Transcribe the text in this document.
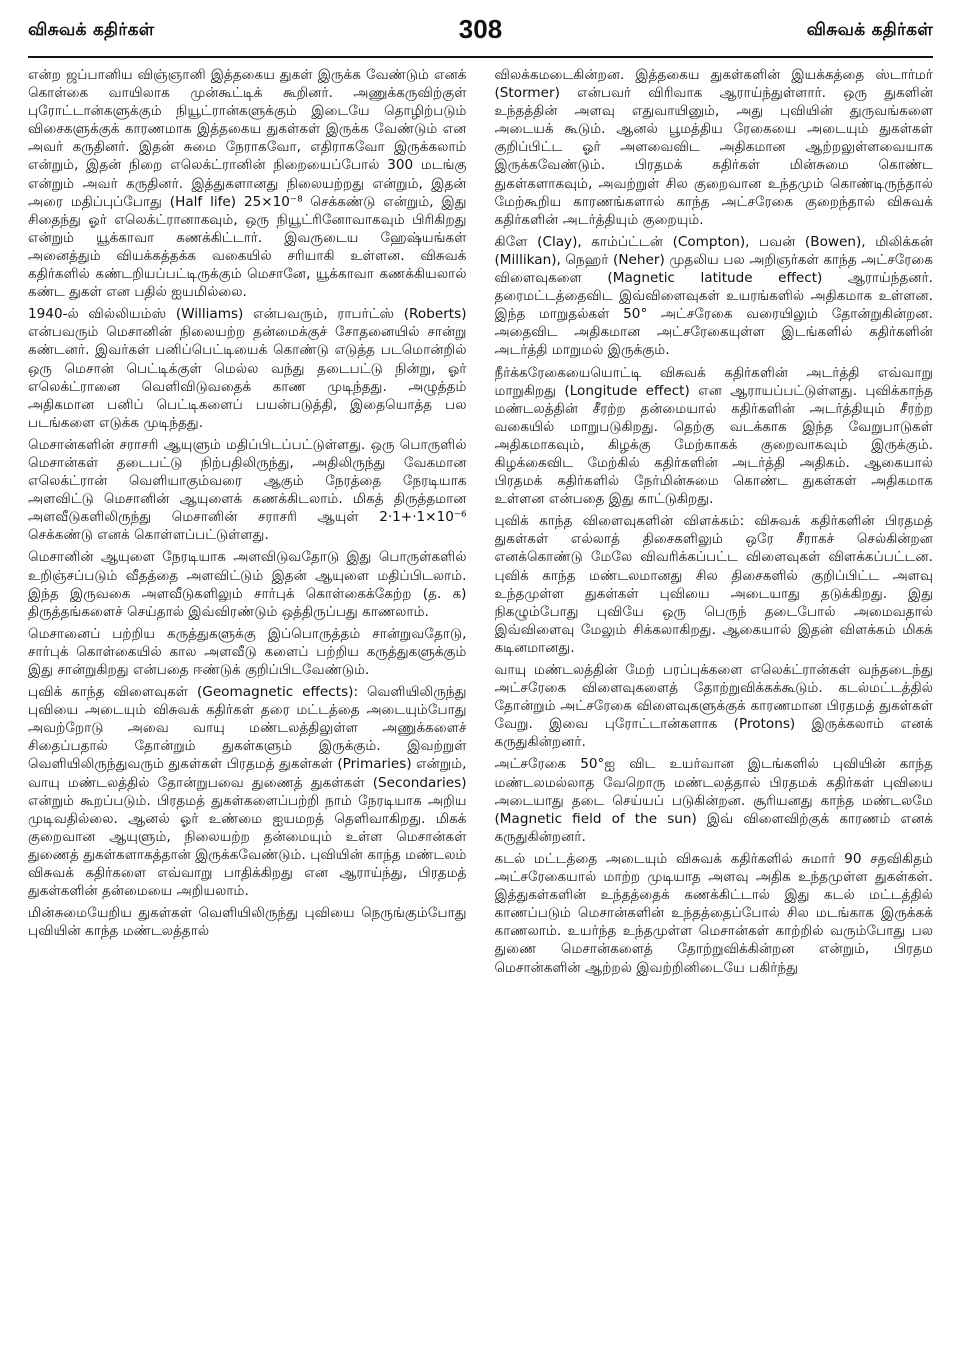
விசுவக் கதிர்கள்	308	விசுவக் கதிர்கள்

என்ற ஜப்பானிய விஞ்ஞானி இத்தகைய துகள் இருக்க வேண்டும் எனக் கொள்கை வாயிலாக முன்கூட்டிக் கூறினர். அணுக்கருவிற்குள் புரோட்டான்களுக்கும் நியூட்ரான்களுக்கும் இடையே தொழிற்படும் விசைகளுக்குக் காரணமாக இத்தகைய துகள்கள் இருக்க வேண்டும் என அவர் கருதினர். இதன் சுமை நேராகவோ, எதிராகவோ இருக்கலாம் என்றும், இதன் நிறை எலெக்ட்ரானின் நிறையைப்போல் 300 மடங்கு என்றும் அவர் கருதினர். இத்துகளானது நிலையற்றது என்றும், இதன் அரை மதிப்புப்போது (Half life) 25×10⁻⁸ செக்கண்டு என்றும், இது சிதைந்து ஓர் எலெக்ட்ரானாகவும், ஒரு நியூட்ரினோவாகவும் பிரிகிறது என்றும் யூக்காவா கணக்கிட்டார். இவருடைய ஹேஷ்யங்கள் அனைத்தும் வியக்கத்தக்க வகையில் சரியாகி உள்ளன. விசுவக் கதிர்களில் கண்டறியப்பட்டிருக்கும் மெசானே, யூக்காவா கணக்கியலால் கண்ட துகள் என பதில் ஐயமில்லை.

1940-ல் வில்லியம்ஸ் (Williams) என்பவரும், ராபர்ட்ஸ் (Roberts) என்பவரும் மெசானின் நிலையற்ற தன்மைக்குச் சோதனையில் சான்று கண்டனர். இவர்கள் பனிப்பெட்டியைக் கொண்டு எடுத்த படமொன்றில் ஒரு மெசான் பெட்டிக்குள் மெல்ல வந்து தடைபட்டு நின்று, ஓர் எலெக்ட்ரானை வெளிவிடுவதைக் காண முடிந்தது. அழுத்தம் அதிகமான பனிப் பெட்டிகளைப் பயன்படுத்தி, இதையொத்த பல படங்களை எடுக்க முடிந்தது.

மெசான்களின் சராசரி ஆயுளும் மதிப்பிடப்பட்டுள்ளது. ஒரு பொருளில் மெசான்கள் தடைபட்டு நிற்பதிலிருந்து, அதிலிருந்து வேகமான எலெக்ட்ரான் வெளியாகும்வரை ஆகும் நேரத்தை நேரடியாக அளவிட்டு மெசானின் ஆயுளைக் கணக்கிடலாம். மிகத் திருத்தமான அளவீடுகளிலிருந்து மெசானின் சராசரி ஆயுள் 2·1+·1×10⁻⁶ செக்கண்டு எனக் கொள்ளப்பட்டுள்ளது.

மெசானின் ஆயுளை நேரடியாக அளவிடுவதோடு இது பொருள்களில் உறிஞ்சப்படும் வீதத்தை அளவிட்டும் இதன் ஆயுளை மதிப்பிடலாம். இந்த இருவகை அளவீடுகளிலும் சார்புக் கொள்கைக்கேற்ற (த. க) திருத்தங்களைச் செய்தால் இவ்விரண்டும் ஒத்திருப்பது காணலாம்.

மெசானைப் பற்றிய கருத்துகளுக்கு இப்பொருத்தம் சான்றுவதோடு, சார்புக் கொள்கையில் கால அளவீடு களைப் பற்றிய கருத்துகளுக்கும் இது சான்றுகிறது என்பதை ஈண்டுக் குறிப்பிடவேண்டும்.

புவிக் காந்த விளைவுகள் (Geomagnetic effects): வெளியிலிருந்து புவியை அடையும் விசுவக் கதிர்கள் தரை மட்டத்தை அடையும்போது அவற்றோடு அவை வாயு மண்டலத்திலுள்ள அணுக்களைச் சிதைப்பதால் தோன்றும் துகள்களும் இருக்கும். இவற்றுள் வெளியிலிருந்துவரும் துகள்கள் பிரதமத் துகள்கள் (Primaries) என்றும், வாயு மண்டலத்தில் தோன்றுபவை துணைத் துகள்கள் (Secondaries) என்றும் கூறப்படும். பிரதமத் துகள்களைப்பற்றி நாம் நேரடியாக அறிய முடிவதில்லை. ஆனல் ஓர் உண்மை ஐயமறத் தெளிவாகிறது. மிகக் குறைவான ஆயுளும், நிலையற்ற தன்மையும் உள்ள மெசான்கள் துணைத் துகள்களாகத்தான் இருக்கவேண்டும். புவியின் காந்த மண்டலம் விசுவக் கதிர்களை எவ்வாறு பாதிக்கிறது என ஆராய்ந்து, பிரதமத் துகள்களின் தன்மையை அறியலாம்.

மின்சுமையேறிய துகள்கள் வெளியிலிருந்து புவியை நெருங்கும்போது புவியின் காந்த மண்டலத்தால்

விலக்கமடைகின்றன. இத்தகைய துகள்களின் இயக்கத்தை ஸ்டார்மர் (Stormer) என்பவர் விரிவாக ஆராய்ந்துள்ளார். ஒரு துகளின் உந்தத்தின் அளவு எதுவாயினும், அது புவியின் துருவங்களை அடையக் கூடும். ஆனல் பூமத்திய ரேகையை அடையும் துகள்கள் குறிப்பிட்ட ஓர் அளவைவிட அதிகமான ஆற்றலுள்ளவையாக இருக்கவேண்டும். பிரதமக் கதிர்கள் மின்சுமை கொண்ட துகள்களாகவும், அவற்றுள் சில குறைவான உந்தமும் கொண்டிருந்தால் மேற்கூறிய காரணங்களால் காந்த அட்சரேகை குறைந்தால் விசுவக் கதிர்களின் அடர்த்தியும் குறையும்.

கிளே (Clay), காம்ப்ட்டன் (Compton), பவன் (Bowen), மிலிக்கன் (Millikan), நெஹர் (Neher) முதலிய பல அறிஞர்கள் காந்த அட்சரேகை விளைவுகளை (Magnetic latitude effect) ஆராய்ந்தனர். தரைமட்டத்தைவிட இவ்விளைவுகள் உயரங்களில் அதிகமாக உள்ளன. இந்த மாறுதல்கள் 50° அட்சரேகை வரையிலும் தோன்றுகின்றன. அதைவிட அதிகமான அட்சரேகையுள்ள இடங்களில் கதிர்களின் அடர்த்தி மாறுமல் இருக்கும்.

நீர்க்கரேகையையொட்டி விசுவக் கதிர்களின் அடர்த்தி எவ்வாறு மாறுகிறது (Longitude effect) என ஆராயப்பட்டுள்ளது. புவிக்காந்த மண்டலத்தின் சீரற்ற தன்மையால் கதிர்களின் அடர்த்தியும் சீரற்ற வகையில் மாறுபடுகிறது. தெற்கு வடக்காக இந்த வேறுபாடுகள் அதிகமாகவும், கிழக்கு மேற்காகக் குறைவாகவும் இருக்கும். கிழக்கைவிட மேற்கில் கதிர்களின் அடர்த்தி அதிகம். ஆகையால் பிரதமக் கதிர்களில் நேர்மின்சுமை கொண்ட துகள்கள் அதிகமாக உள்ளன என்பதை இது காட்டுகிறது.

புவிக் காந்த விளைவுகளின் விளக்கம்: விசுவக் கதிர்களின் பிரதமத் துகள்கள் எல்லாத் திசைகளிலும் ஒரே சீராகச் செல்கின்றன எனக்கொண்டு மேலே விவரிக்கப்பட்ட விளைவுகள் விளக்கப்பட்டன. புவிக் காந்த மண்டலமானது சில திசைகளில் குறிப்பிட்ட அளவு உந்தமுள்ள துகள்கள் புவியை அடையாது தடுக்கிறது. இது நிகழும்போது புவியே ஒரு பெருந் தடைபோல் அமைவதால் இவ்விளைவு மேலும் சிக்கலாகிறது. ஆகையால் இதன் விளக்கம் மிகக் கடினமானது.

வாயு மண்டலத்தின் மேற் பரப்புக்களை எலெக்ட்ரான்கள் வந்தடைந்து அட்சரேகை விளைவுகளைத் தோற்றுவிக்கக்கூடும். கடல்மட்டத்தில் தோன்றும் அட்சரேகை விளைவுகளுக்குக் காரணமான பிரதமத் துகள்கள் வேறு. இவை புரோட்டான்களாக (Protons) இருக்கலாம் எனக் கருதுகின்றனர்.

அட்சரேகை 50°ஐ விட உயர்வான இடங்களில் புவியின் காந்த மண்டலமல்லாத வேறொரு மண்டலத்தால் பிரதமக் கதிர்கள் புவியை அடையாது தடை செய்யப் படுகின்றன. சூரியனது காந்த மண்டலமே (Magnetic field of the sun) இவ் விளைவிற்குக் காரணம் எனக் கருதுகின்றனர்.

கடல் மட்டத்தை அடையும் விசுவக் கதிர்களில் சுமார் 90 சதவிகிதம் அட்சரேகையால் மாற்ற முடியாத அளவு அதிக உந்தமுள்ள துகள்கள். இத்துகள்களின் உந்தத்தைக் கணக்கிட்டால் இது கடல் மட்டத்தில் காணப்படும் மெசான்களின் உந்தத்தைப்போல் சில மடங்காக இருக்கக் காணலாம். உயர்ந்த உந்தமுள்ள மெசான்கள் காற்றில் வரும்போது பல துணை மெசான்களைத் தோற்றுவிக்கின்றன என்றும், பிரதம மெசான்களின் ஆற்றல் இவற்றினிடையே பகிர்ந்து
